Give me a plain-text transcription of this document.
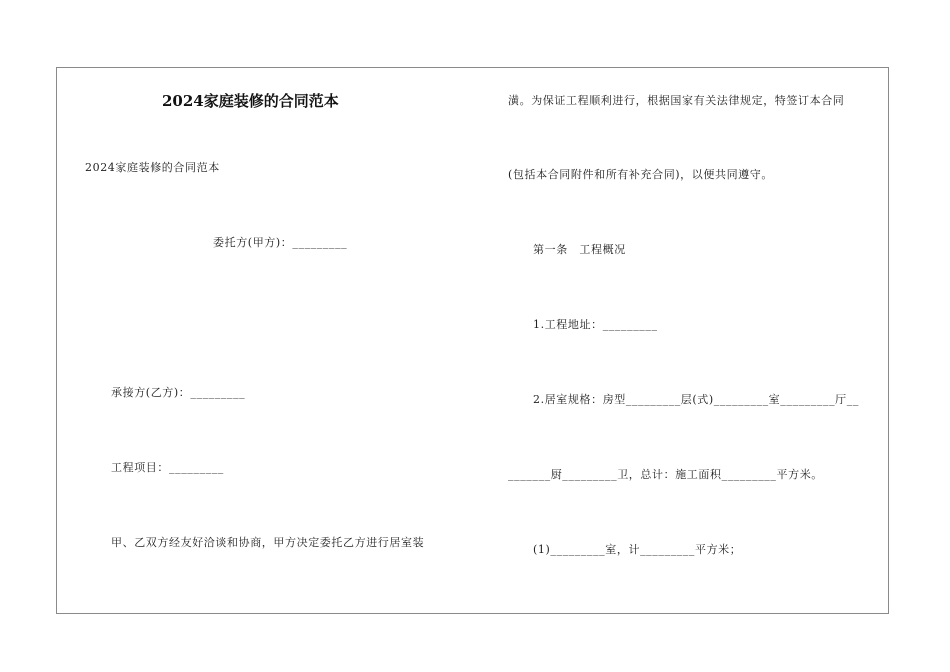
2024家庭装修的合同范本
2024家庭装修的合同范本
委托方(甲方)：_________
承接方(乙方)：_________
工程项目：_________
甲、乙双方经友好洽谈和协商，甲方决定委托乙方进行居室装
潢。为保证工程顺利进行，根据国家有关法律规定，特签订本合同
(包括本合同附件和所有补充合同)，以便共同遵守。
第一条　工程概况
1.工程地址：_________
2.居室规格：房型_________层(式)_________室_________厅__
_______厨_________卫，总计：施工面积_________平方米。
(1)_________室，计_________平方米；
